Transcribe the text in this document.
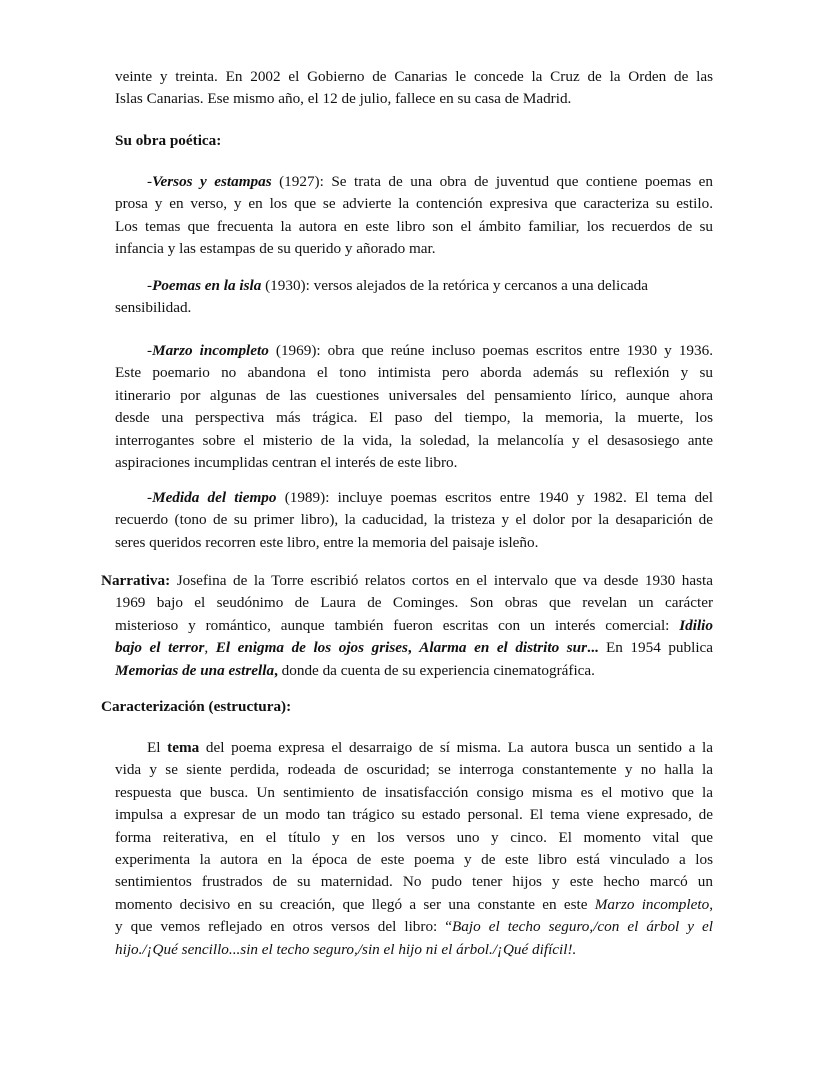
veinte y treinta. En 2002 el Gobierno de Canarias le concede la Cruz de la Orden de las
Islas Canarias. Ese mismo año, el 12 de julio, fallece en su casa de Madrid.

Su obra poética:

-Versos y estampas (1927): Se trata de una obra de juventud que contiene poemas en
prosa y en verso, y en los que se advierte la contención expresiva que caracteriza su estilo.
Los temas que frecuenta la autora en este libro son el ámbito familiar, los recuerdos de su
infancia y las estampas de su querido y añorado mar.

-Poemas en la isla (1930): versos alejados de la retórica y cercanos a una delicada
sensibilidad.

-Marzo incompleto (1969): obra que reúne incluso poemas escritos entre 1930 y 1936.
Este poemario no abandona el tono intimista pero aborda además su reflexión y su
itinerario por algunas de las cuestiones universales del pensamiento lírico, aunque ahora
desde una perspectiva más trágica. El paso del tiempo, la memoria, la muerte, los
interrogantes sobre el misterio de la vida, la soledad, la melancolía y el desasosiego ante
aspiraciones incumplidas centran el interés de este libro.

-Medida del tiempo (1989): incluye poemas escritos entre 1940 y 1982. El tema del
recuerdo (tono de su primer libro), la caducidad, la tristeza y el dolor por la desaparición de
seres queridos recorren este libro, entre la memoria del paisaje isleño.

Narrativa: Josefina de la Torre escribió relatos cortos en el intervalo que va desde 1930 hasta
1969 bajo el seudónimo de Laura de Cominges. Son obras que revelan un carácter
misterioso y romántico, aunque también fueron escritas con un interés comercial: Idilio
bajo el terror, El enigma de los ojos grises, Alarma en el distrito sur... En 1954 publica
Memorias de una estrella, donde da cuenta de su experiencia cinematográfica.

Caracterización (estructura):

El tema del poema expresa el desarraigo de sí misma. La autora busca un sentido a la
vida y se siente perdida, rodeada de oscuridad; se interroga constantemente y no halla la
respuesta que busca. Un sentimiento de insatisfacción consigo misma es el motivo que la
impulsa a expresar de un modo tan trágico su estado personal. El tema viene expresado, de
forma reiterativa, en el título y en los versos uno y cinco. El momento vital que
experimenta la autora en la época de este poema y de este libro está vinculado a los
sentimientos frustrados de su maternidad. No pudo tener hijos y este hecho marcó un
momento decisivo en su creación, que llegó a ser una constante en este Marzo incompleto,
y que vemos reflejado en otros versos del libro: “Bajo el techo seguro,/con el árbol y el
hijo./¡Qué sencillo...sin el techo seguro,/sin el hijo ni el árbol./¡Qué difícil!.
